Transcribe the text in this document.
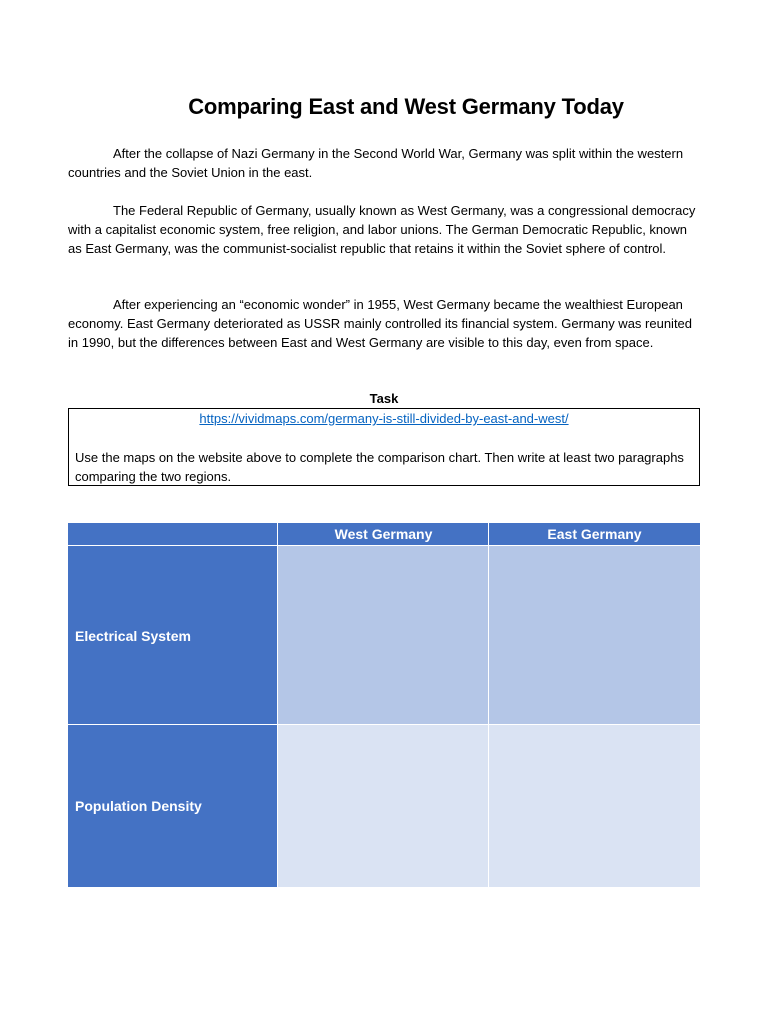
Comparing East and West Germany Today
After the collapse of Nazi Germany in the Second World War, Germany was split within the western countries and the Soviet Union in the east.
The Federal Republic of Germany, usually known as West Germany, was a congressional democracy with a capitalist economic system, free religion, and labor unions. The German Democratic Republic, known as East Germany, was the communist-socialist republic that retains it within the Soviet sphere of control.
After experiencing an “economic wonder” in 1955, West Germany became the wealthiest European economy. East Germany deteriorated as USSR mainly controlled its financial system. Germany was reunited in 1990, but the differences between East and West Germany are visible to this day, even from space.
Task
https://vividmaps.com/germany-is-still-divided-by-east-and-west/
Use the maps on the website above to complete the comparison chart. Then write at least two paragraphs comparing the two regions.
West Germany	East Germany
Electrical System
Population Density
